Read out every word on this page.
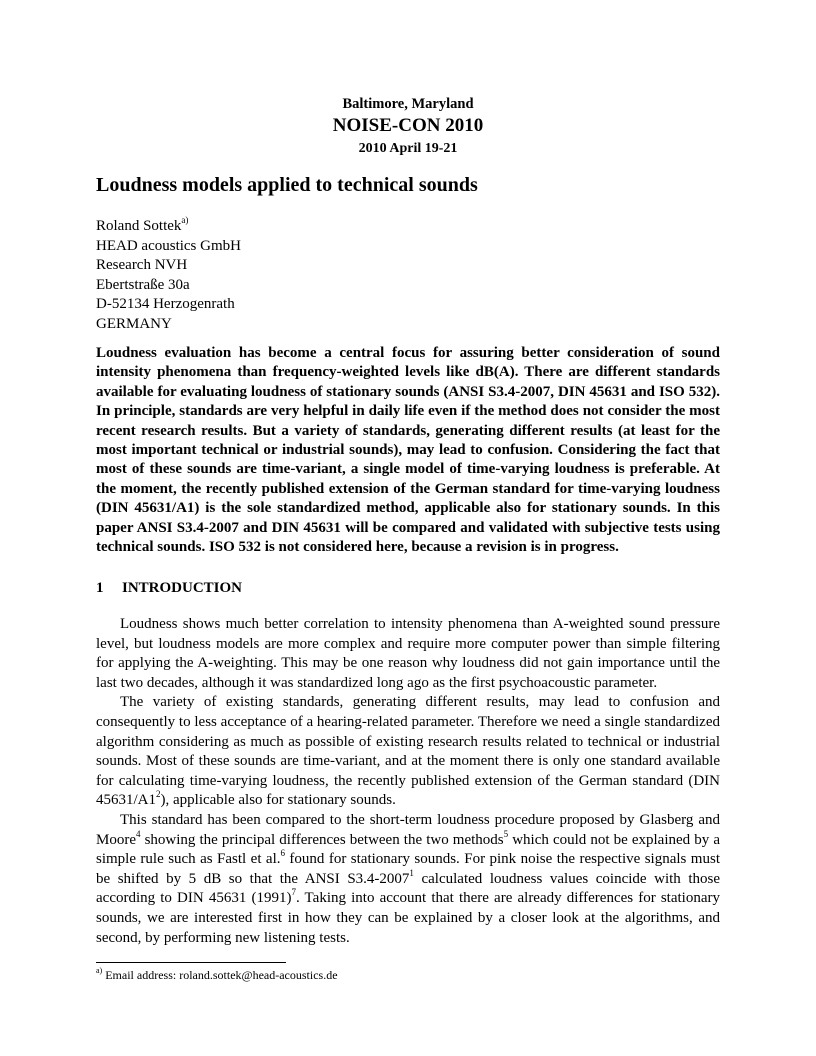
Baltimore, Maryland
NOISE-CON 2010
2010 April 19-21
Loudness models applied to technical sounds
Roland Sottek$^{a)}$
HEAD acoustics GmbH
Research NVH
Ebertstraße 30a
D-52134 Herzogenrath
GERMANY

Loudness evaluation has become a central focus for assuring better consideration of sound intensity phenomena than frequency-weighted levels like dB(A). There are different standards available for evaluating loudness of stationary sounds (ANSI S3.4-2007, DIN 45631 and ISO 532). In principle, standards are very helpful in daily life even if the method does not consider the most recent research results. But a variety of standards, generating different results (at least for the most important technical or industrial sounds), may lead to confusion. Considering the fact that most of these sounds are time-variant, a single model of time-varying loudness is preferable. At the moment, the recently published extension of the German standard for time-varying loudness (DIN 45631/A1) is the sole standardized method, applicable also for stationary sounds. In this paper ANSI S3.4-2007 and DIN 45631 will be compared and validated with subjective tests using technical sounds. ISO 532 is not considered here, because a revision is in progress.

1 INTRODUCTION

Loudness shows much better correlation to intensity phenomena than A-weighted sound pressure level, but loudness models are more complex and require more computer power than simple filtering for applying the A-weighting. This may be one reason why loudness did not gain importance until the last two decades, although it was standardized long ago as the first psychoacoustic parameter.

The variety of existing standards, generating different results, may lead to confusion and consequently to less acceptance of a hearing-related parameter. Therefore we need a single standardized algorithm considering as much as possible of existing research results related to technical or industrial sounds. Most of these sounds are time-variant, and at the moment there is only one standard available for calculating time-varying loudness, the recently published extension of the German standard (DIN $45631/A1^2$), applicable also for stationary sounds.

This standard has been compared to the short-term loudness procedure proposed by Glasberg and Moore$^4$ showing the principal differences between the two methods$^5$ which could not be explained by a simple rule such as Fastl et al.$^6$ found for stationary sounds. For pink noise the respective signals must be shifted by 5 dB so that the ANSI S3.4-2007$^1$ calculated loudness values coincide with those according to DIN 45631 $(1991)^7$. Taking into account that there are already differences for stationary sounds, we are interested first in how they can be explained by a closer look at the algorithms, and second, by performing new listening tests.

$^{a)}$ Email address: roland.sottek@head-acoustics.de
